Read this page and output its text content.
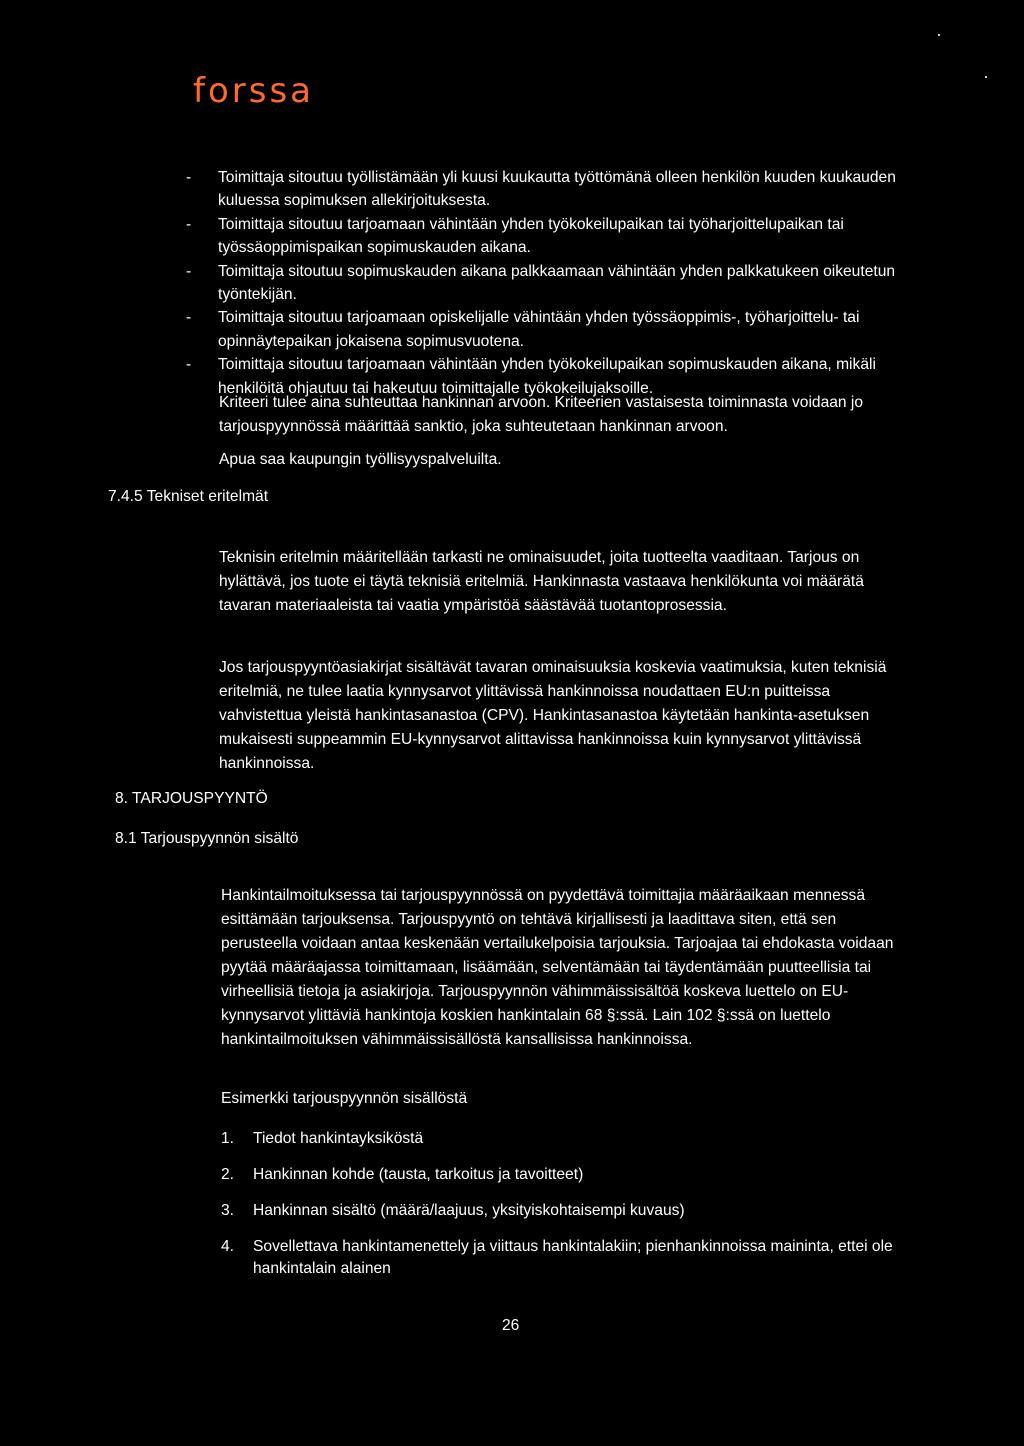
forssa
- Toimittaja sitoutuu työllistämään yli kuusi kuukautta työttömänä olleen henkilön kuuden kuukauden kuluessa sopimuksen allekirjoituksesta.
- Toimittaja sitoutuu tarjoamaan vähintään yhden työkokeilupaikan tai työharjoittelupaikan tai työssäoppimispaikan sopimuskauden aikana.
- Toimittaja sitoutuu sopimuskauden aikana palkkaamaan vähintään yhden palkkatukeen oikeutetun työntekijän.
- Toimittaja sitoutuu tarjoamaan opiskelijalle vähintään yhden työssäoppimis-, työharjoittelu- tai opinnäytepaikan jokaisena sopimusvuotena.
- Toimittaja sitoutuu tarjoamaan vähintään yhden työkokeilupaikan sopimuskauden aikana, mikäli henkilöitä ohjautuu tai hakeutuu toimittajalle työkokeilujaksoille.

Kriteeri tulee aina suhteuttaa hankinnan arvoon. Kriteerien vastaisesta toiminnasta voidaan jo tarjouspyynnössä määrittää sanktio, joka suhteutetaan hankinnan arvoon.

Apua saa kaupungin työllisyyspalveluilta.

7.4.5 Tekniset eritelmät

Teknisin eritelmin määritellään tarkasti ne ominaisuudet, joita tuotteelta vaaditaan. Tarjous on hylättävä, jos tuote ei täytä teknisiä eritelmiä. Hankinnasta vastaava henkilökunta voi määrätä tavaran materiaaleista tai vaatia ympäristöä säästävää tuotantoprosessia.

Jos tarjouspyyntöasiakirjat sisältävät tavaran ominaisuuksia koskevia vaatimuksia, kuten teknisiä eritelmiä, ne tulee laatia kynnysarvot ylittävissä hankinnoissa noudattaen EU:n puitteissa vahvistettua yleistä hankintasanastoa (CPV). Hankintasanastoa käytetään hankinta-asetuksen mukaisesti suppeammin EU-kynnysarvot alittavissa hankinnoissa kuin kynnysarvot ylittävissä hankinnoissa.

8. TARJOUSPYYNTÖ
8.1 Tarjouspyynnön sisältö

Hankintailmoituksessa tai tarjouspyynnössä on pyydettävä toimittajia määräaikaan mennessä esittämään tarjouksensa. Tarjouspyyntö on tehtävä kirjallisesti ja laadittava siten, että sen perusteella voidaan antaa keskenään vertailukelpoisia tarjouksia. Tarjoajaa tai ehdokasta voidaan pyytää määräajassa toimittamaan, lisäämään, selventämään tai täydentämään puutteellisia tai virheellisiä tietoja ja asiakirjoja. Tarjouspyynnön vähimmäissisältöä koskeva luettelo on EU-kynnysarvot ylittäviä hankintoja koskien hankintalain 68 §:ssä. Lain 102 §:ssä on luettelo hankintailmoituksen vähimmäissisällöstä kansallisissa hankinnoissa.

Esimerkki tarjouspyynnön sisällöstä

1. Tiedot hankintayksiköstä
2. Hankinnan kohde (tausta, tarkoitus ja tavoitteet)
3. Hankinnan sisältö (määrä/laajuus, yksityiskohtaisempi kuvaus)
4. Sovellettava hankintamenettely ja viittaus hankintalakiin; pienhankinnoissa maininta, ettei ole hankintalain alainen
26
